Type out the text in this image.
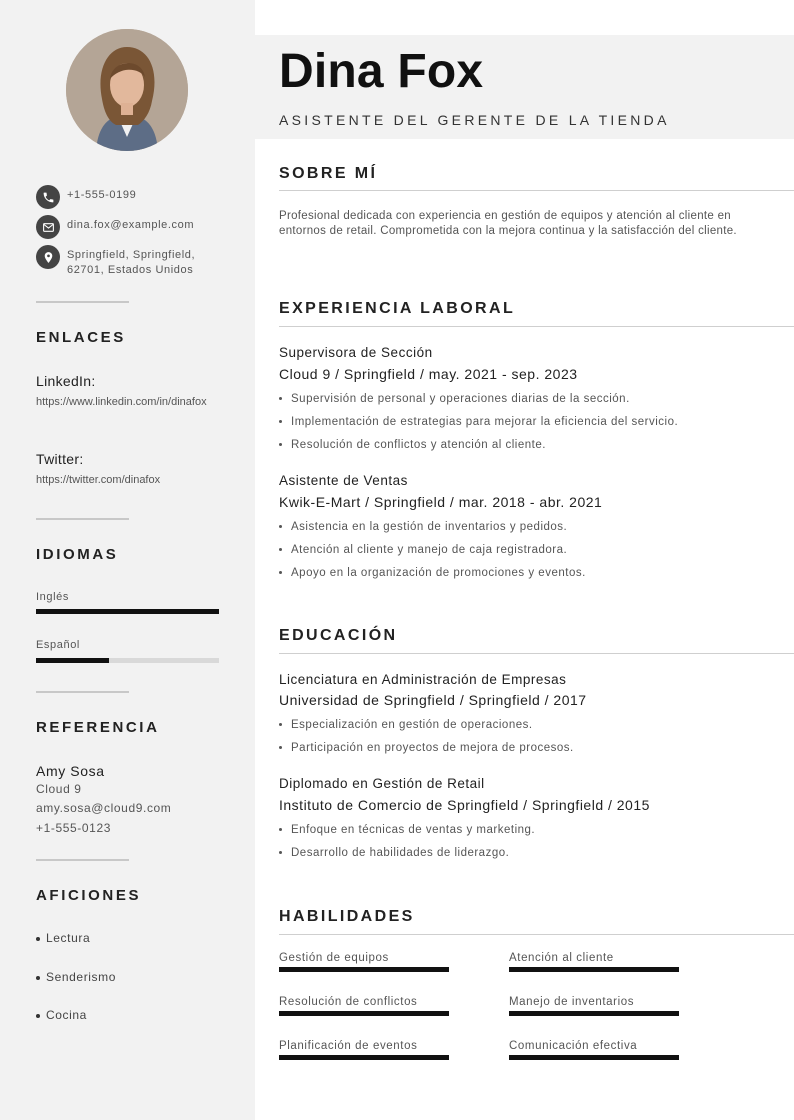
+1-555-0199
dina.fox@example.com
Springfield, Springfield,
62701, Estados Unidos
ENLACES
LinkedIn:
https://www.linkedin.com/in/dinafox
Twitter:
https://twitter.com/dinafox
IDIOMAS
Inglés
Español
REFERENCIA
Amy Sosa
Cloud 9
amy.sosa@cloud9.com
+1-555-0123
AFICIONES
Lectura
Senderismo
Cocina
Dina Fox
ASISTENTE DEL GERENTE DE LA TIENDA
SOBRE MÍ
Profesional dedicada con experiencia en gestión de equipos y atención al cliente en entornos de retail. Comprometida con la mejora continua y la satisfacción del cliente.
EXPERIENCIA LABORAL
Supervisora de Sección
Cloud 9 / Springfield / may. 2021 - sep. 2023
Supervisión de personal y operaciones diarias de la sección.
Implementación de estrategias para mejorar la eficiencia del servicio.
Resolución de conflictos y atención al cliente.
Asistente de Ventas
Kwik-E-Mart / Springfield / mar. 2018 - abr. 2021
Asistencia en la gestión de inventarios y pedidos.
Atención al cliente y manejo de caja registradora.
Apoyo en la organización de promociones y eventos.
EDUCACIÓN
Licenciatura en Administración de Empresas
Universidad de Springfield / Springfield / 2017
Especialización en gestión de operaciones.
Participación en proyectos de mejora de procesos.
Diplomado en Gestión de Retail
Instituto de Comercio de Springfield / Springfield / 2015
Enfoque en técnicas de ventas y marketing.
Desarrollo de habilidades de liderazgo.
HABILIDADES
Gestión de equipos	Atención al cliente
Resolución de conflictos	Manejo de inventarios
Planificación de eventos	Comunicación efectiva
